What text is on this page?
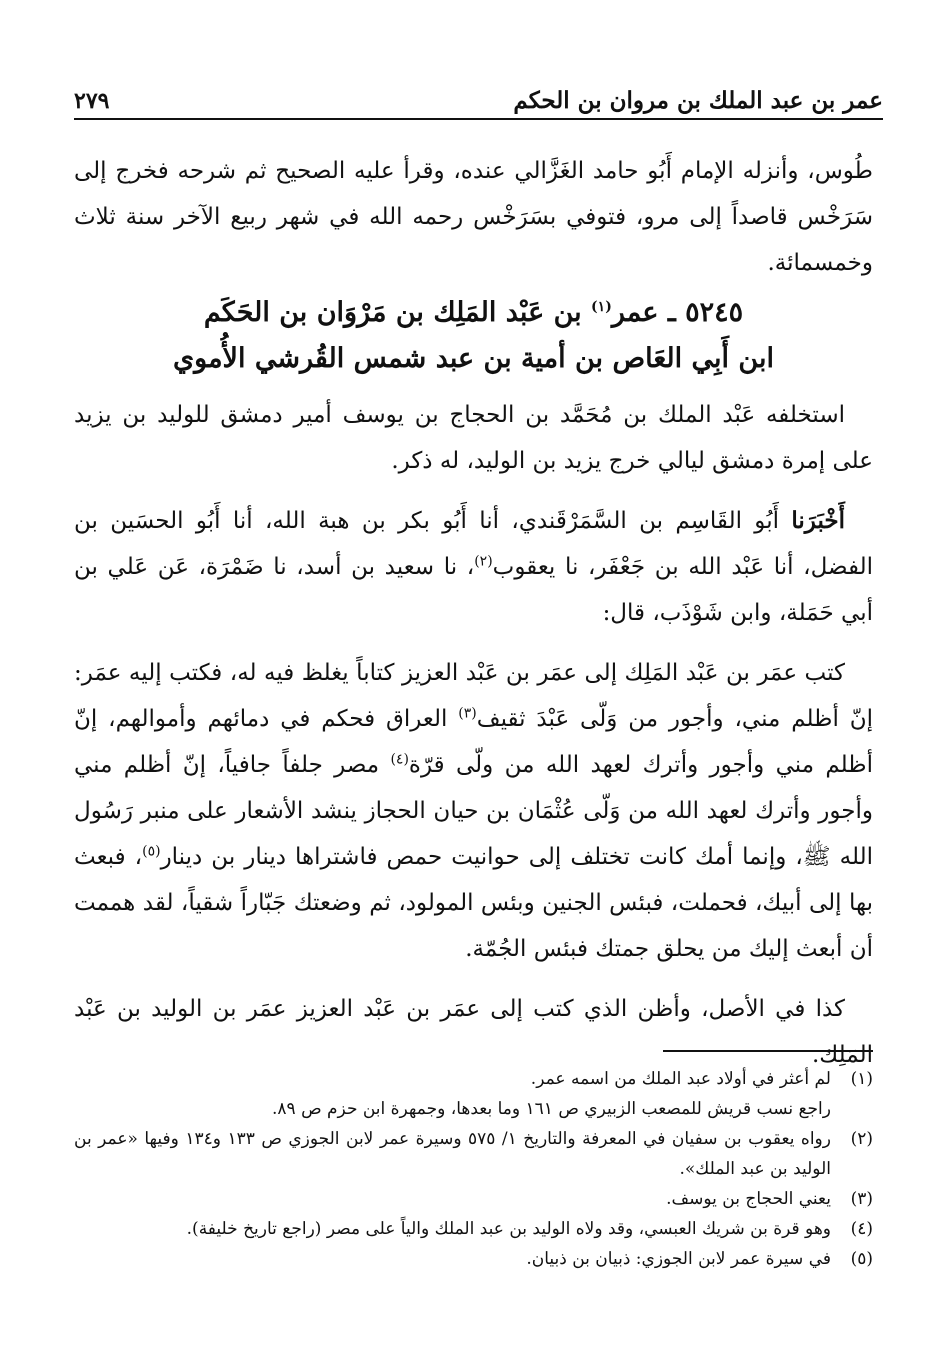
عمر بن عبد الملك بن مروان بن الحكم
٢٧٩

طُوس، وأنزله الإمام أَبُو حامد الغَزَّالي عنده، وقرأ عليه الصحيح ثم شرحه فخرج إلى سَرَخْس قاصداً إلى مرو، فتوفي بسَرَخْس رحمه الله في شهر ربيع الآخر سنة ثلاث وخمسمائة.

٥٢٤٥ ـ عمر$^{(١)}$ بن عَبْد المَلِك بن مَرْوَان بن الحَكَم
ابن أَبِي العَاص بن أمية بن عبد شمس القُرشي الأُموي

استخلفه عَبْد الملك بن مُحَمَّد بن الحجاج بن يوسف أمير دمشق للوليد بن يزيد على إمرة دمشق ليالي خرج يزيد بن الوليد، له ذكر.

أَخْبَرَنا أَبُو القَاسِم بن السَّمَرْقَندي، أنا أَبُو بكر بن هبة الله، أنا أَبُو الحسَين بن الفضل، أنا عَبْد الله بن جَعْفَر، نا يعقوب$^{(٢)}$، نا سعيد بن أسد، نا ضَمْرَة، عَن عَلي بن أبي حَمَلة، وابن شَوْذَب، قال:

كتب عمَر بن عَبْد المَلِك إلى عمَر بن عَبْد العزيز كتاباً يغلظ فيه له، فكتب إليه عمَر: إنّ أظلم مني، وأجور من وَلّى عَبْدَ ثقيف$^{(٣)}$ العراق فحكم في دمائهم وأموالهم، إنّ أظلم مني وأجور وأترك لعهد الله من ولّى قرّة$^{(٤)}$ مصر جلفاً جافياً، إنّ أظلم مني وأجور وأترك لعهد الله من وَلّى عُثْمَان بن حيان الحجاز ينشد الأشعار على منبر رَسُول الله ﷺ، وإنما أمك كانت تختلف إلى حوانيت حمص فاشتراها دينار بن دينار$^{(٥)}$، فبعث بها إلى أبيك، فحملت، فبئس الجنين وبئس المولود، ثم وضعتك جَبّاراً شقياً، لقد هممت أن أبعث إليك من يحلق جمتك فبئس الجُمّة.

كذا في الأصل، وأظن الذي كتب إلى عمَر بن عَبْد العزيز عمَر بن الوليد بن عَبْد المَلِك.

(١)
لم أعثر في أولاد عبد الملك من اسمه عمر.
راجع نسب قريش للمصعب الزبيري ص ١٦١ وما بعدها، وجمهرة ابن حزم ص ٨٩.
(٢)
رواه يعقوب بن سفيان في المعرفة والتاريخ ١/ ٥٧٥ وسيرة عمر لابن الجوزي ص ١٣٣ و١٣٤ وفيها «عمر بن الوليد بن عبد الملك».
(٣)
يعني الحجاج بن يوسف.
(٤)
وهو قرة بن شريك العبسي، وقد ولاه الوليد بن عبد الملك والياً على مصر (راجع تاريخ خليفة).
(٥)
في سيرة عمر لابن الجوزي: ذبيان بن ذبيان.
